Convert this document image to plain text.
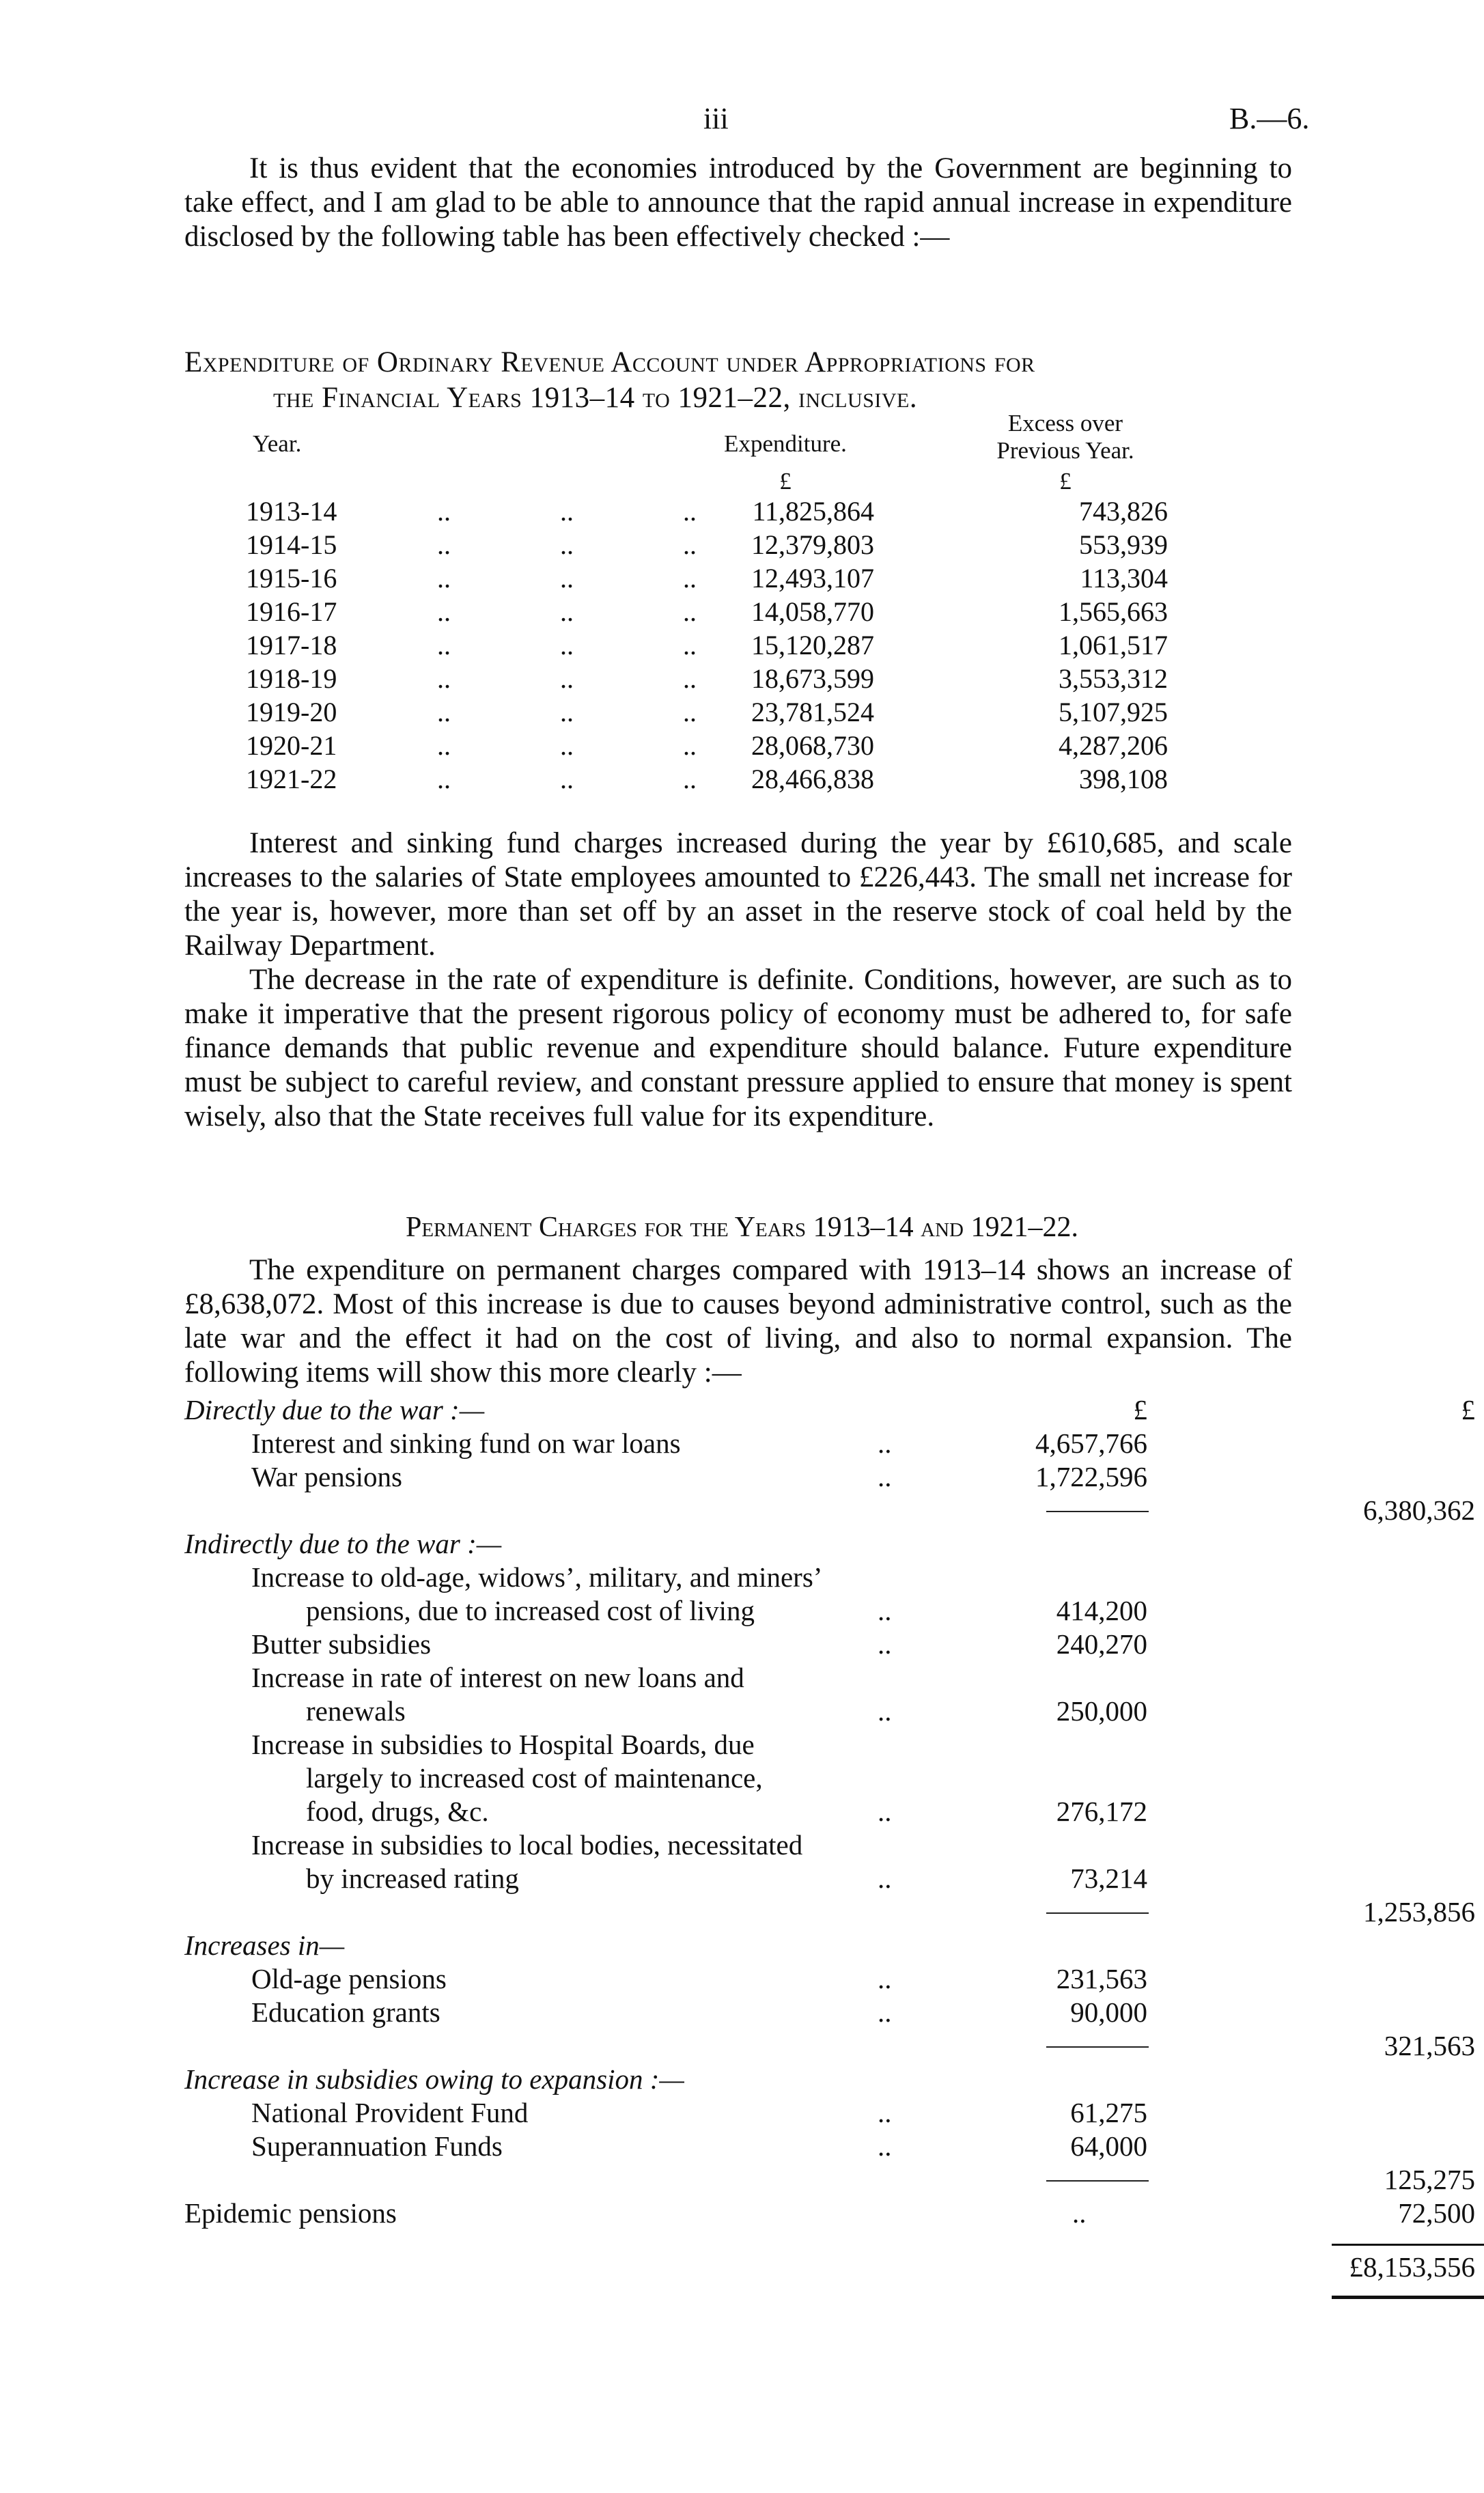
iii	B.—6.

It is thus evident that the economies introduced by the Government are beginning to take effect, and I am glad to be able to announce that the rapid annual increase in expenditure disclosed by the following table has been effectively checked :—

Expenditure of Ordinary Revenue Account under Appropriations for
the Financial Years 1913–14 to 1921–22, inclusive.
Year.	Expenditure.
Excess over
Previous Year.
£	£
1913-14	..	..	..	11,825,864	743,826
1914-15	..	..	..	12,379,803	553,939
1915-16	..	..	..	12,493,107	113,304
1916-17	..	..	..	14,058,770	1,565,663
1917-18	..	..	..	15,120,287	1,061,517
1918-19	..	..	..	18,673,599	3,553,312
1919-20	..	..	..	23,781,524	5,107,925
1920-21	..	..	..	28,068,730	4,287,206
1921-22	..	..	..	28,466,838	398,108

Interest and sinking fund charges increased during the year by £610,685, and scale increases to the salaries of State employees amounted to £226,443. The small net increase for the year is, however, more than set off by an asset in the reserve stock of coal held by the Railway Department.

The decrease in the rate of expenditure is definite. Conditions, however, are such as to make it imperative that the present rigorous policy of economy must be adhered to, for safe finance demands that public revenue and expenditure should balance. Future expenditure must be subject to careful review, and constant pressure applied to ensure that money is spent wisely, also that the State receives full value for its expenditure.

Permanent Charges for the Years 1913–14 and 1921–22.

The expenditure on permanent charges compared with 1913–14 shows an increase of £8,638,072. Most of this increase is due to causes beyond administrative control, such as the late war and the effect it had on the cost of living, and also to normal expansion. The following items will show this more clearly :—

Directly due to the war :—	£	£
Interest and sinking fund on war loans	..	4,657,766
War pensions	..	1,722,596
6,380,362
Indirectly due to the war :—
Increase to old-age, widows’, military, and miners’
pensions, due to increased cost of living	..	414,200
Butter subsidies	..	240,270
Increase in rate of interest on new loans and
renewals	..	250,000
Increase in subsidies to Hospital Boards, due
largely to increased cost of maintenance,
food, drugs, &c.	..	276,172
Increase in subsidies to local bodies, necessitated
by increased rating	..	73,214
1,253,856
Increases in—
Old-age pensions	..	231,563
Education grants	..	90,000
321,563
Increase in subsidies owing to expansion :—
National Provident Fund	..	61,275
Superannuation Funds	..	64,000
125,275
Epidemic pensions	..	72,500
£8,153,556
